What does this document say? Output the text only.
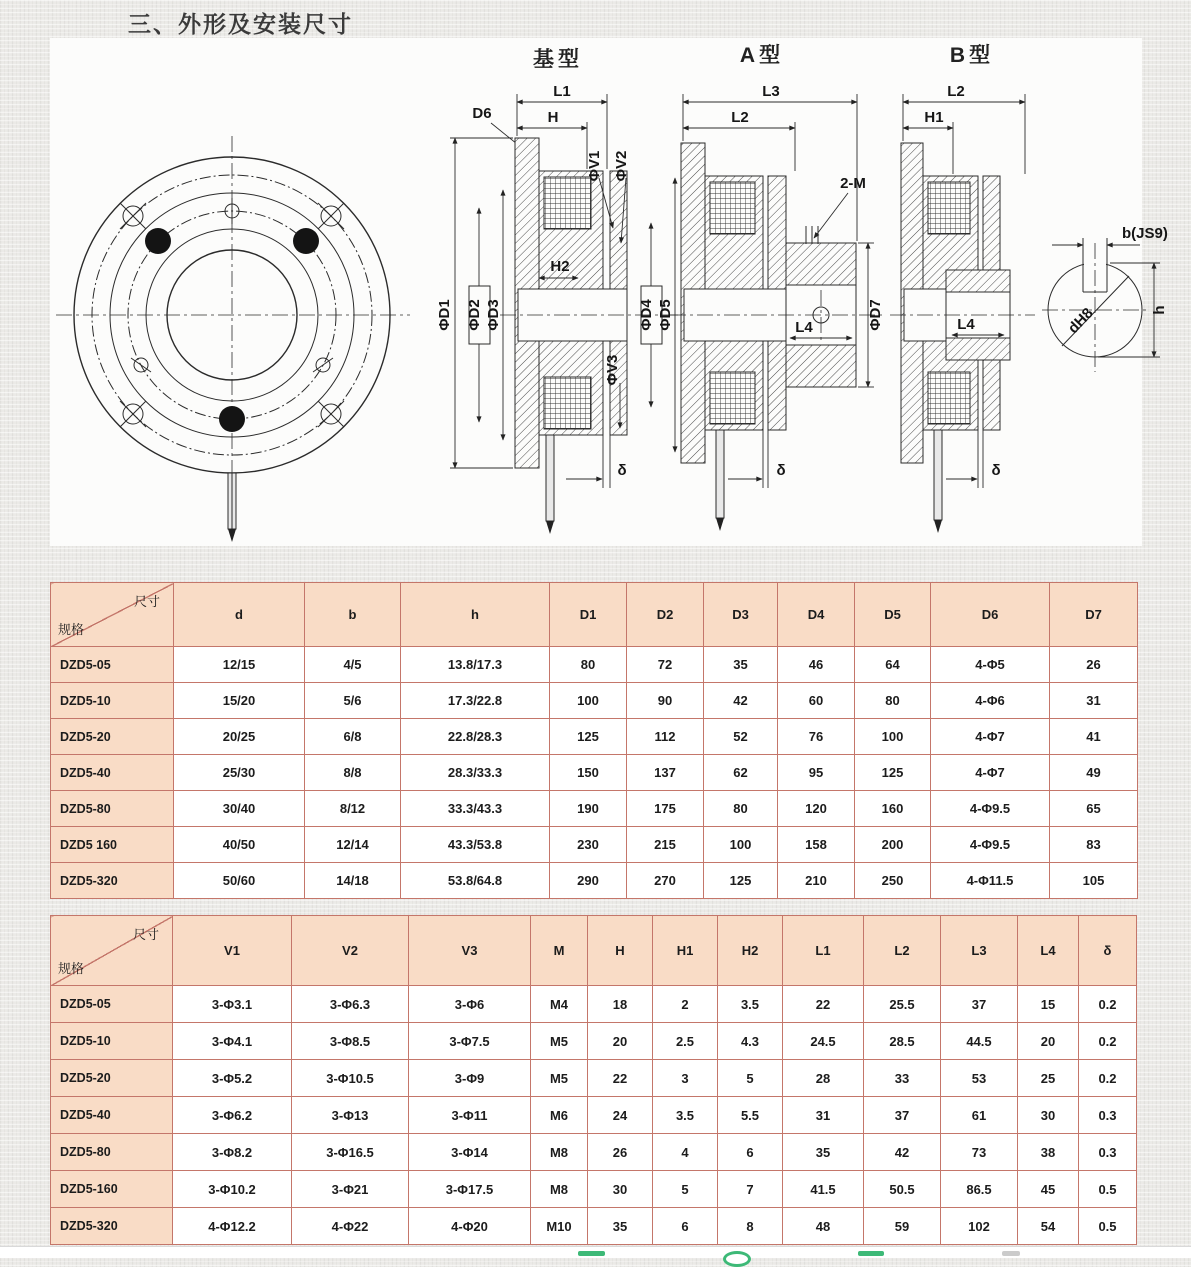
三、外形及安装尺寸
基型
L1
H
D6
H2
ΦV1 ΦV2
ΦD1 ΦD2 ΦD3	ΦD4 ΦD5
ΦV3
δ
A型
L3
L2
2-M
ΦD7
L4
δ
B型
L2
H1
L4
δ
b(JS9)
dH8	h
尺寸
规格	d	b	h	D1	D2	D3	D4	D5	D6	D7
DZD5-05	12/15	4/5	13.8/17.3	80	72	35	46	64	4-Φ5	26
DZD5-10	15/20	5/6	17.3/22.8	100	90	42	60	80	4-Φ6	31
DZD5-20	20/25	6/8	22.8/28.3	125	112	52	76	100	4-Φ7	41
DZD5-40	25/30	8/8	28.3/33.3	150	137	62	95	125	4-Φ7	49
DZD5-80	30/40	8/12	33.3/43.3	190	175	80	120	160	4-Φ9.5	65
DZD5 160	40/50	12/14	43.3/53.8	230	215	100	158	200	4-Φ9.5	83
DZD5-320	50/60	14/18	53.8/64.8	290	270	125	210	250	4-Φ11.5	105
尺寸
规格	V1	V2	V3	M	H	H1	H2	L1	L2	L3	L4	δ
DZD5-05	3-Φ3.1	3-Φ6.3	3-Φ6	M4	18	2	3.5	22	25.5	37	15	0.2
DZD5-10	3-Φ4.1	3-Φ8.5	3-Φ7.5	M5	20	2.5	4.3	24.5	28.5	44.5	20	0.2
DZD5-20	3-Φ5.2	3-Φ10.5	3-Φ9	M5	22	3	5	28	33	53	25	0.2
DZD5-40	3-Φ6.2	3-Φ13	3-Φ11	M6	24	3.5	5.5	31	37	61	30	0.3
DZD5-80	3-Φ8.2	3-Φ16.5	3-Φ14	M8	26	4	6	35	42	73	38	0.3
DZD5-160	3-Φ10.2	3-Φ21	3-Φ17.5	M8	30	5	7	41.5	50.5	86.5	45	0.5
DZD5-320	4-Φ12.2	4-Φ22	4-Φ20	M10	35	6	8	48	59	102	54	0.5
